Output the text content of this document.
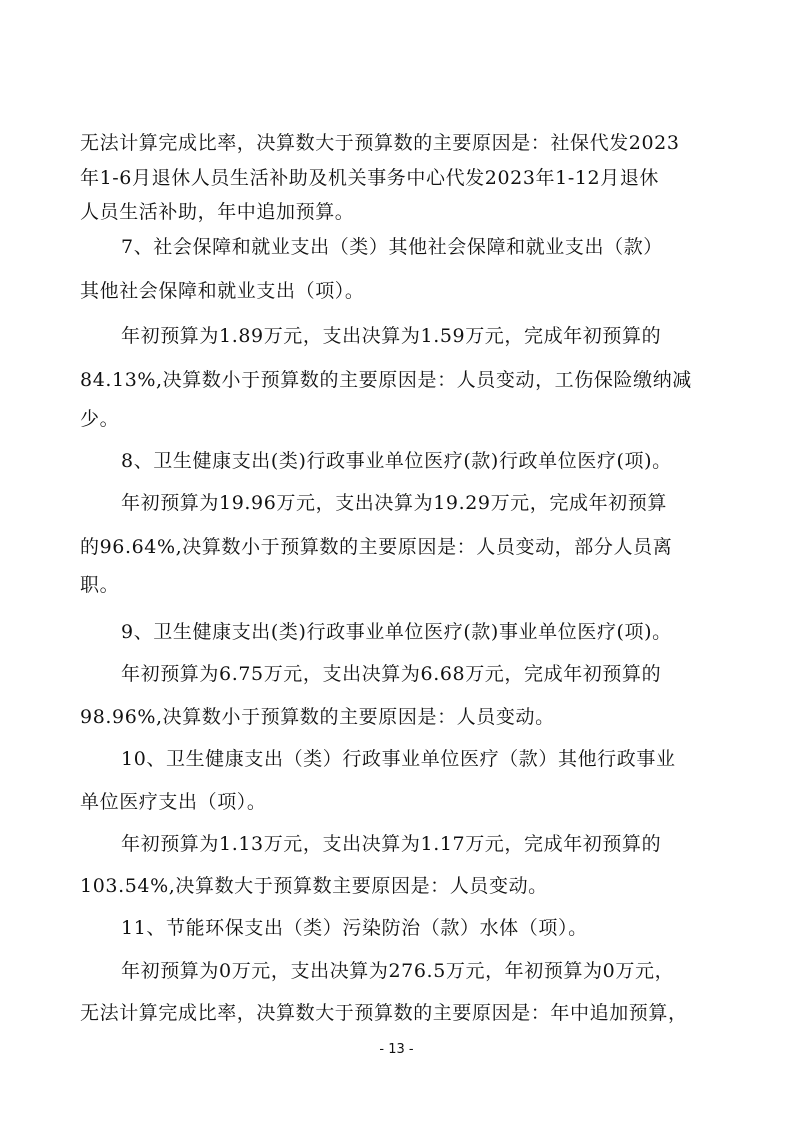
无法计算完成比率，决算数大于预算数的主要原因是：社保代发2023
年1-6月退休人员生活补助及机关事务中心代发2023年1-12月退休
人员生活补助，年中追加预算。
7、社会保障和就业支出（类）其他社会保障和就业支出（款）
其他社会保障和就业支出（项）。
年初预算为1.89万元，支出决算为1.59万元，完成年初预算的
84.13%,决算数小于预算数的主要原因是：人员变动，工伤保险缴纳减
少。
8、卫生健康支出(类)行政事业单位医疗(款)行政单位医疗(项)。
年初预算为19.96万元，支出决算为19.29万元，完成年初预算
的96.64%,决算数小于预算数的主要原因是：人员变动，部分人员离
职。
9、卫生健康支出(类)行政事业单位医疗(款)事业单位医疗(项)。
年初预算为6.75万元，支出决算为6.68万元，完成年初预算的
98.96%,决算数小于预算数的主要原因是：人员变动。
10、卫生健康支出（类）行政事业单位医疗（款）其他行政事业
单位医疗支出（项）。
年初预算为1.13万元，支出决算为1.17万元，完成年初预算的
103.54%,决算数大于预算数主要原因是：人员变动。
11、节能环保支出（类）污染防治（款）水体（项）。
年初预算为0万元，支出决算为276.5万元，年初预算为0万元，
无法计算完成比率，决算数大于预算数的主要原因是：年中追加预算，
- 13 -
